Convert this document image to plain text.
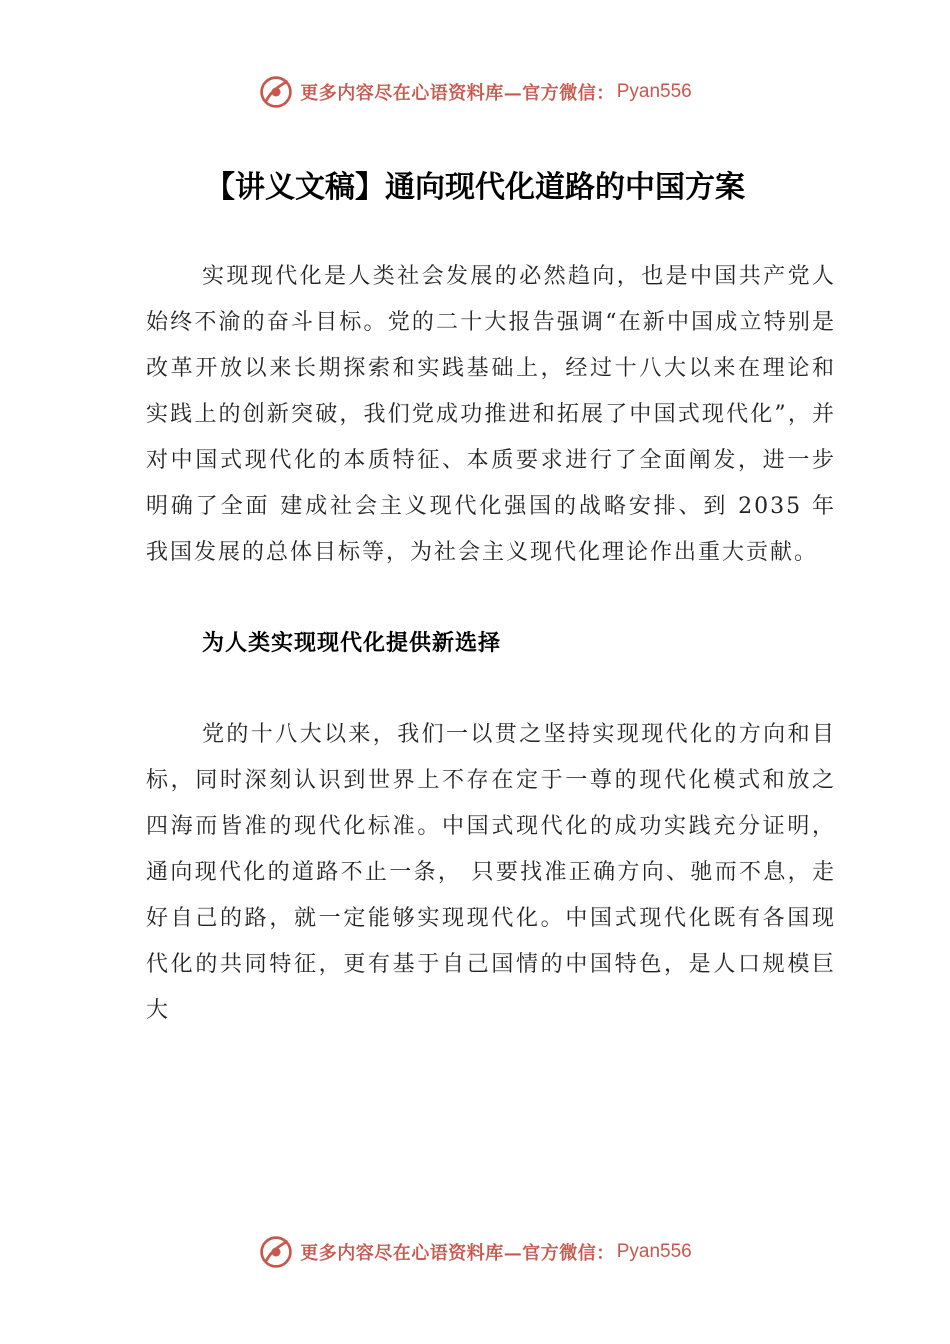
更多内容尽在心语资料库—官方微信： Pyan556
【讲义文稿】通向现代化道路的中国方案

实现现代化是人类社会发展的必然趋向，也是中国共产党人始终不渝的奋斗目标。党的二十大报告强调“在新中国成立特别是改革开放以来长期探索和实践基础上，经过十八大以来在理论和实践上的创新突破，我们党成功推进和拓展了中国式现代化”，并对中国式现代化的本质特征、本质要求进行了全面阐发，进一步明确了全面 建成社会主义现代化强国的战略安排、到 2035 年我国发展的总体目标等，为社会主义现代化理论作出重大贡献。

为人类实现现代化提供新选择

党的十八大以来，我们一以贯之坚持实现现代化的方向和目标，同时深刻认识到世界上不存在定于一尊的现代化模式和放之四海而皆准的现代化标准。中国式现代化的成功实践充分证明，通向现代化的道路不止一条， 只要找准正确方向、驰而不息，走好自己的路，就一定能够实现现代化。中国式现代化既有各国现代化的共同特征，更有基于自己国情的中国特色，是人口规模巨大

更多内容尽在心语资料库—官方微信： Pyan556
